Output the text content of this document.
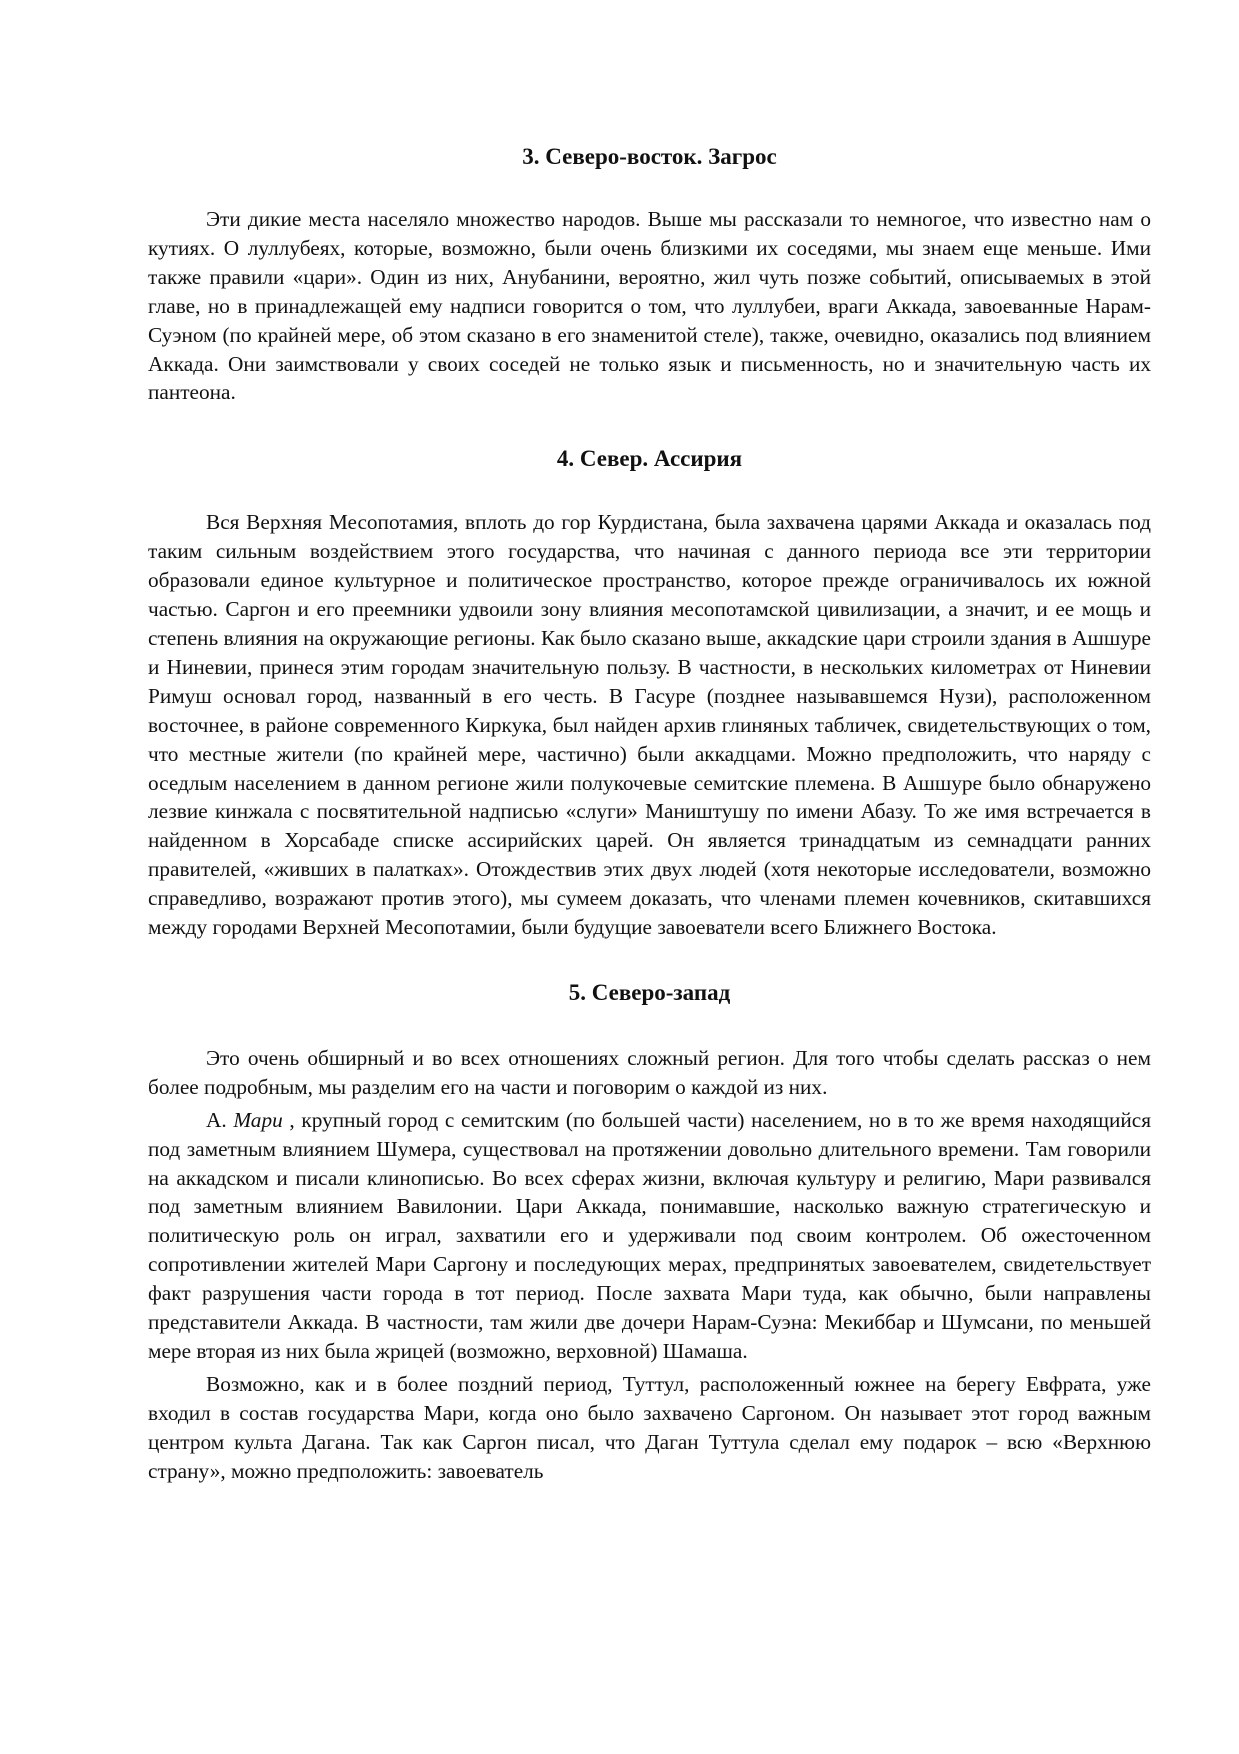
3. Северо-восток. Загрос

Эти дикие места населяло множество народов. Выше мы рассказали то немногое, что известно нам о кутиях. О луллубеях, которые, возможно, были очень близкими их соседями, мы знаем еще меньше. Ими также правили «цари». Один из них, Анубанини, вероятно, жил чуть позже событий, описываемых в этой главе, но в принадлежащей ему надписи говорится о том, что луллубеи, враги Аккада, завоеванные Нарам-Суэном (по крайней мере, об этом сказано в его знаменитой стеле), также, очевидно, оказались под влиянием Аккада. Они заимствовали у своих соседей не только язык и письменность, но и значительную часть их пантеона.

4. Север. Ассирия

Вся Верхняя Месопотамия, вплоть до гор Курдистана, была захвачена царями Аккада и оказалась под таким сильным воздействием этого государства, что начиная с данного периода все эти территории образовали единое культурное и политическое пространство, которое прежде ограничивалось их южной частью. Саргон и его преемники удвоили зону влияния месопотамской цивилизации, а значит, и ее мощь и степень влияния на окружающие регионы. Как было сказано выше, аккадские цари строили здания в Ашшуре и Ниневии, принеся этим городам значительную пользу. В частности, в нескольких километрах от Ниневии Римуш основал город, названный в его честь. В Гасуре (позднее называвшемся Нузи), расположенном восточнее, в районе современного Киркука, был найден архив глиняных табличек, свидетельствующих о том, что местные жители (по крайней мере, частично) были аккадцами. Можно предположить, что наряду с оседлым населением в данном регионе жили полукочевые семитские племена. В Ашшуре было обнаружено лезвие кинжала с посвятительной надписью «слуги» Маништушу по имени Абазу. То же имя встречается в найденном в Хорсабаде списке ассирийских царей. Он является тринадцатым из семнадцати ранних правителей, «живших в палатках». Отождествив этих двух людей (хотя некоторые исследователи, возможно справедливо, возражают против этого), мы сумеем доказать, что членами племен кочевников, скитавшихся между городами Верхней Месопотамии, были будущие завоеватели всего Ближнего Востока.

5. Северо-запад

Это очень обширный и во всех отношениях сложный регион. Для того чтобы сделать рассказ о нем более подробным, мы разделим его на части и поговорим о каждой из них.

А. Мари , крупный город с семитским (по большей части) населением, но в то же время находящийся под заметным влиянием Шумера, существовал на протяжении довольно длительного времени. Там говорили на аккадском и писали клинописью. Во всех сферах жизни, включая культуру и религию, Мари развивался под заметным влиянием Вавилонии. Цари Аккада, понимавшие, насколько важную стратегическую и политическую роль он играл, захватили его и удерживали под своим контролем. Об ожесточенном сопротивлении жителей Мари Саргону и последующих мерах, предпринятых завоевателем, свидетельствует факт разрушения части города в тот период. После захвата Мари туда, как обычно, были направлены представители Аккада. В частности, там жили две дочери Нарам-Суэна: Мекиббар и Шумсани, по меньшей мере вторая из них была жрицей (возможно, верховной) Шамаша.

Возможно, как и в более поздний период, Туттул, расположенный южнее на берегу Евфрата, уже входил в состав государства Мари, когда оно было захвачено Саргоном. Он называет этот город важным центром культа Дагана. Так как Саргон писал, что Даган Туттула сделал ему подарок – всю «Верхнюю страну», можно предположить: завоеватель
